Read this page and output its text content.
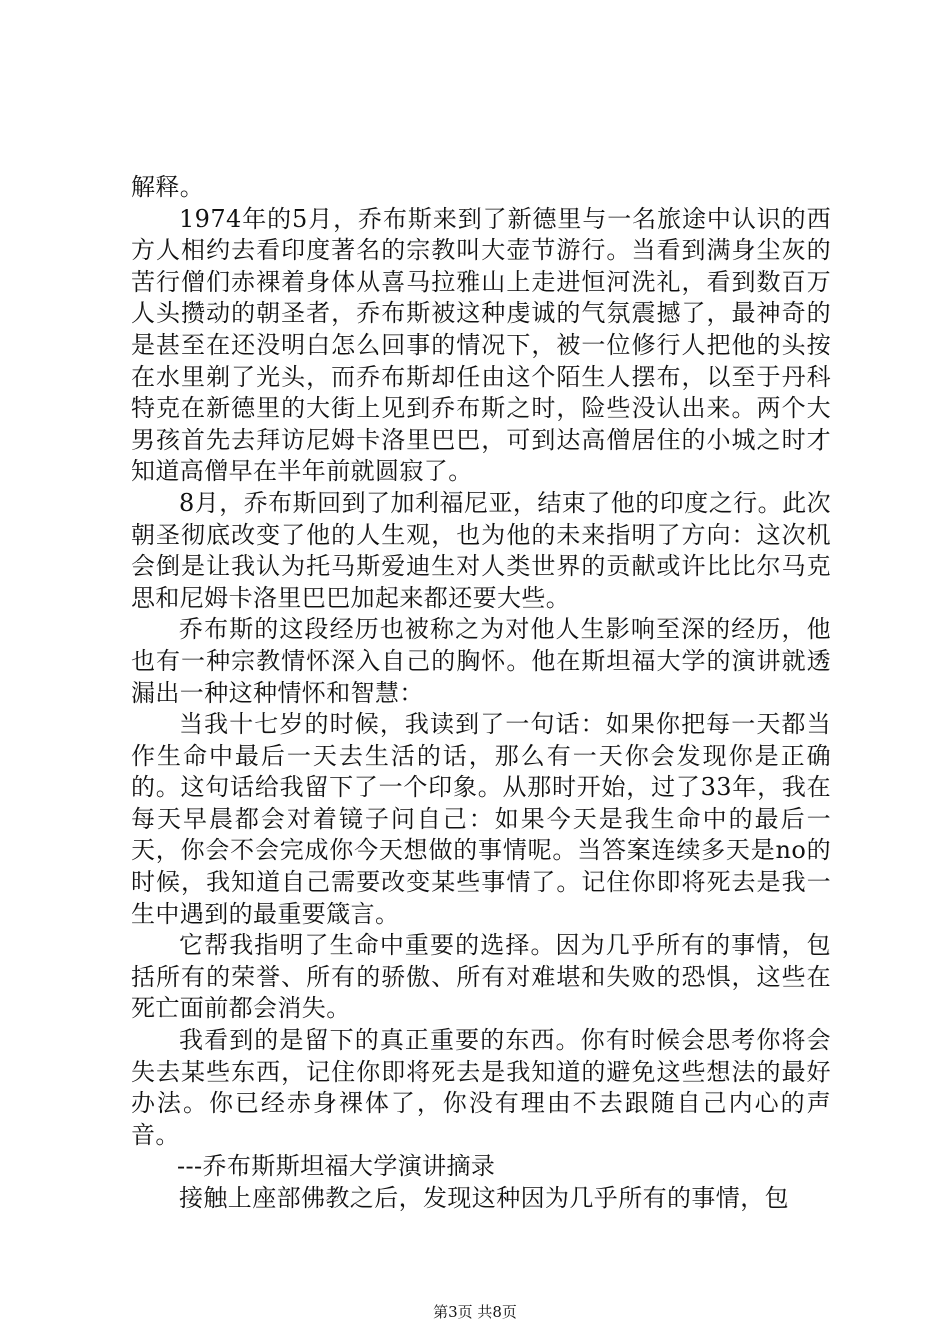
解释。

1974年的5月，乔布斯来到了新德里与一名旅途中认识的西方人相约去看印度著名的宗教叫大壶节游行。当看到满身尘灰的苦行僧们赤裸着身体从喜马拉雅山上走进恒河洗礼，看到数百万人头攒动的朝圣者，乔布斯被这种虔诚的气氛震撼了，最神奇的是甚至在还没明白怎么回事的情况下，被一位修行人把他的头按在水里剃了光头，而乔布斯却任由这个陌生人摆布，以至于丹科特克在新德里的大街上见到乔布斯之时，险些没认出来。两个大男孩首先去拜访尼姆卡洛里巴巴，可到达高僧居住的小城之时才知道高僧早在半年前就圆寂了。

8月，乔布斯回到了加利福尼亚，结束了他的印度之行。此次朝圣彻底改变了他的人生观，也为他的未来指明了方向：这次机会倒是让我认为托马斯爱迪生对人类世界的贡献或许比比尔马克思和尼姆卡洛里巴巴加起来都还要大些。

乔布斯的这段经历也被称之为对他人生影响至深的经历，他也有一种宗教情怀深入自己的胸怀。他在斯坦福大学的演讲就透漏出一种这种情怀和智慧：

当我十七岁的时候，我读到了一句话：如果你把每一天都当作生命中最后一天去生活的话，那么有一天你会发现你是正确的。这句话给我留下了一个印象。从那时开始，过了33年，我在每天早晨都会对着镜子问自己：如果今天是我生命中的最后一天，你会不会完成你今天想做的事情呢。当答案连续多天是no的时候，我知道自己需要改变某些事情了。记住你即将死去是我一生中遇到的最重要箴言。

它帮我指明了生命中重要的选择。因为几乎所有的事情，包括所有的荣誉、所有的骄傲、所有对难堪和失败的恐惧，这些在死亡面前都会消失。

我看到的是留下的真正重要的东西。你有时候会思考你将会失去某些东西，记住你即将死去是我知道的避免这些想法的最好办法。你已经赤身裸体了，你没有理由不去跟随自己内心的声音。

---乔布斯斯坦福大学演讲摘录

接触上座部佛教之后，发现这种因为几乎所有的事情，包

第3页 共8页
